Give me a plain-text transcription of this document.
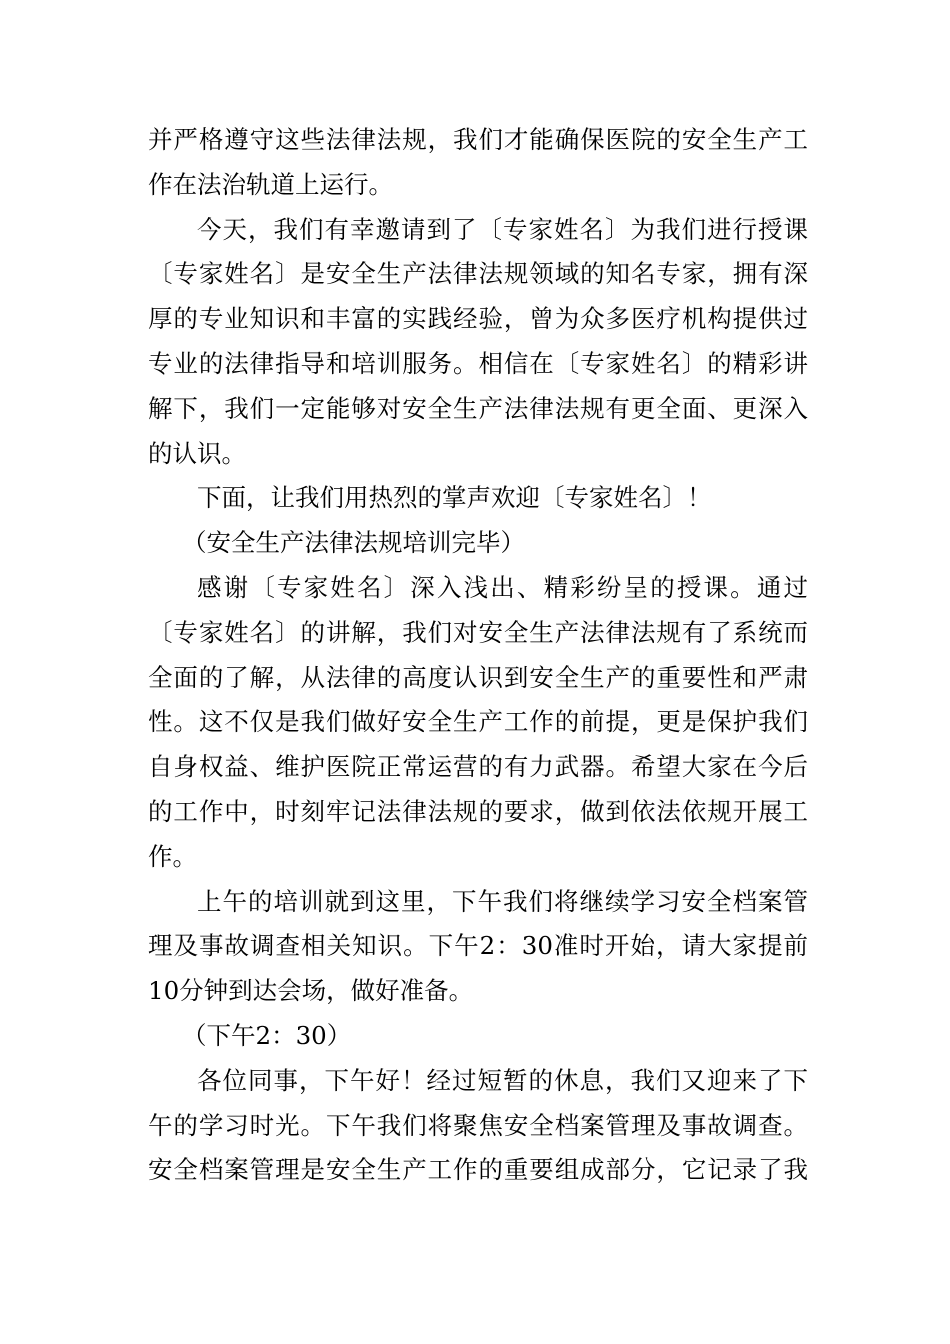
并严格遵守这些法律法规，我们才能确保医院的安全生产工
作在法治轨道上运行。
今天，我们有幸邀请到了〔专家姓名〕为我们进行授课
〔专家姓名〕是安全生产法律法规领域的知名专家，拥有深
厚的专业知识和丰富的实践经验，曾为众多医疗机构提供过
专业的法律指导和培训服务。相信在〔专家姓名〕的精彩讲
解下，我们一定能够对安全生产法律法规有更全面、更深入
的认识。
下面，让我们用热烈的掌声欢迎〔专家姓名〕！
（安全生产法律法规培训完毕）
感谢〔专家姓名〕深入浅出、精彩纷呈的授课。通过
〔专家姓名〕的讲解，我们对安全生产法律法规有了系统而
全面的了解，从法律的高度认识到安全生产的重要性和严肃
性。这不仅是我们做好安全生产工作的前提，更是保护我们
自身权益、维护医院正常运营的有力武器。希望大家在今后
的工作中，时刻牢记法律法规的要求，做到依法依规开展工
作。
上午的培训就到这里，下午我们将继续学习安全档案管
理及事故调查相关知识。下午2：30准时开始，请大家提前
10分钟到达会场，做好准备。
（下午2：30）
各位同事，下午好！经过短暂的休息，我们又迎来了下
午的学习时光。下午我们将聚焦安全档案管理及事故调查。
安全档案管理是安全生产工作的重要组成部分，它记录了我
